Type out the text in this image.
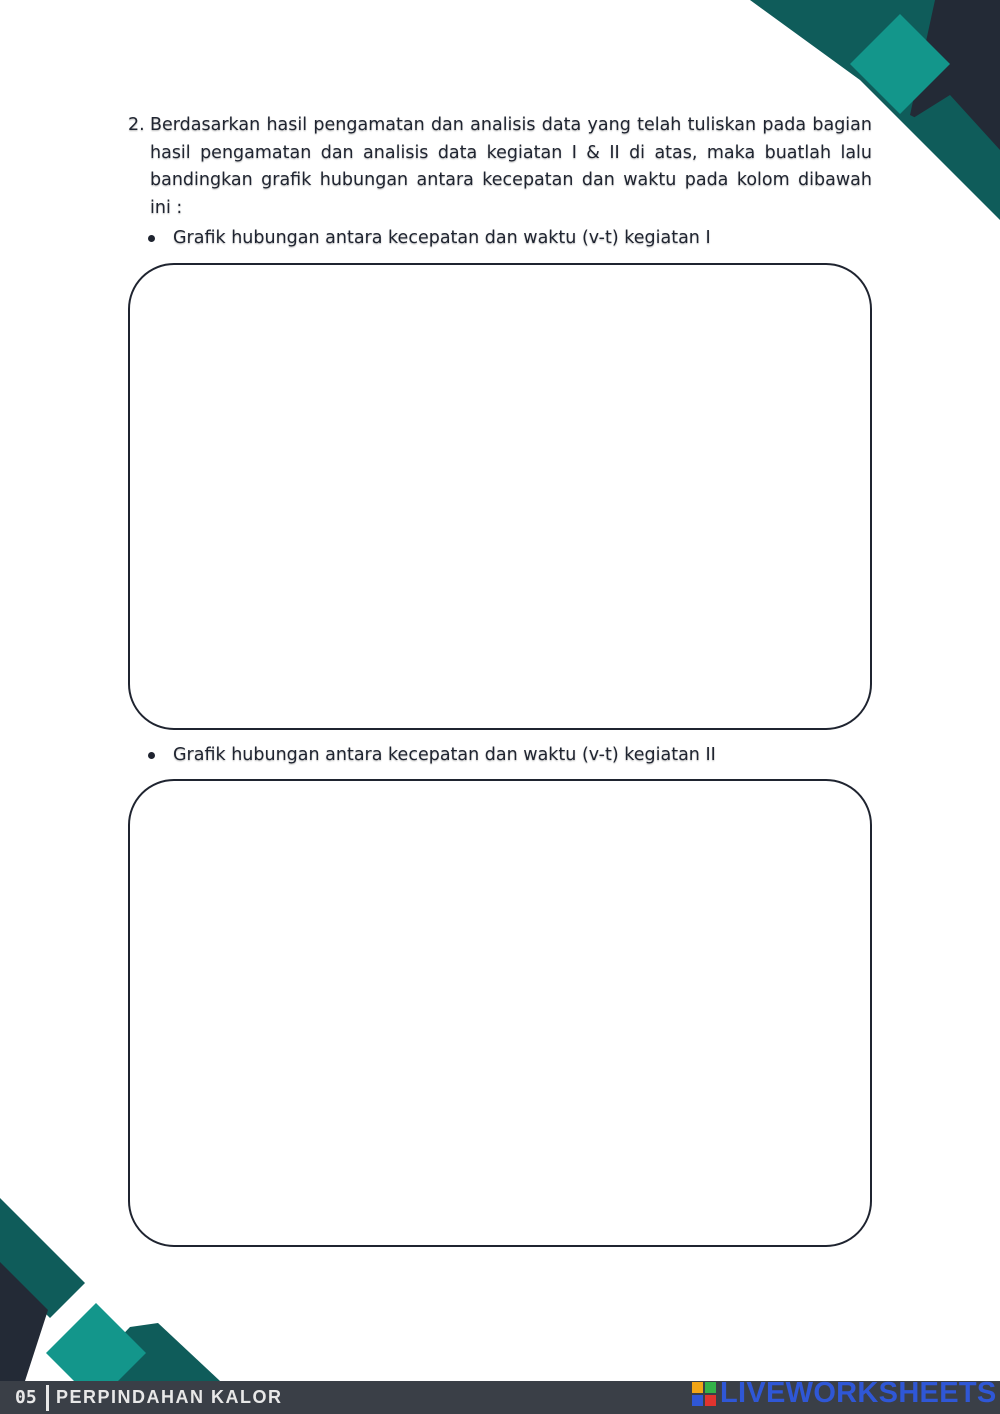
2. Berdasarkan hasil pengamatan dan analisis data yang telah tuliskan pada bagian hasil pengamatan dan analisis data kegiatan I & II di atas, maka buatlah lalu bandingkan grafik hubungan antara kecepatan dan waktu pada kolom dibawah ini :
Grafik hubungan antara kecepatan dan waktu (v-t) kegiatan I
Grafik hubungan antara kecepatan dan waktu (v-t) kegiatan II
05 PERPINDAHAN KALOR	LIVEWORKSHEETS
